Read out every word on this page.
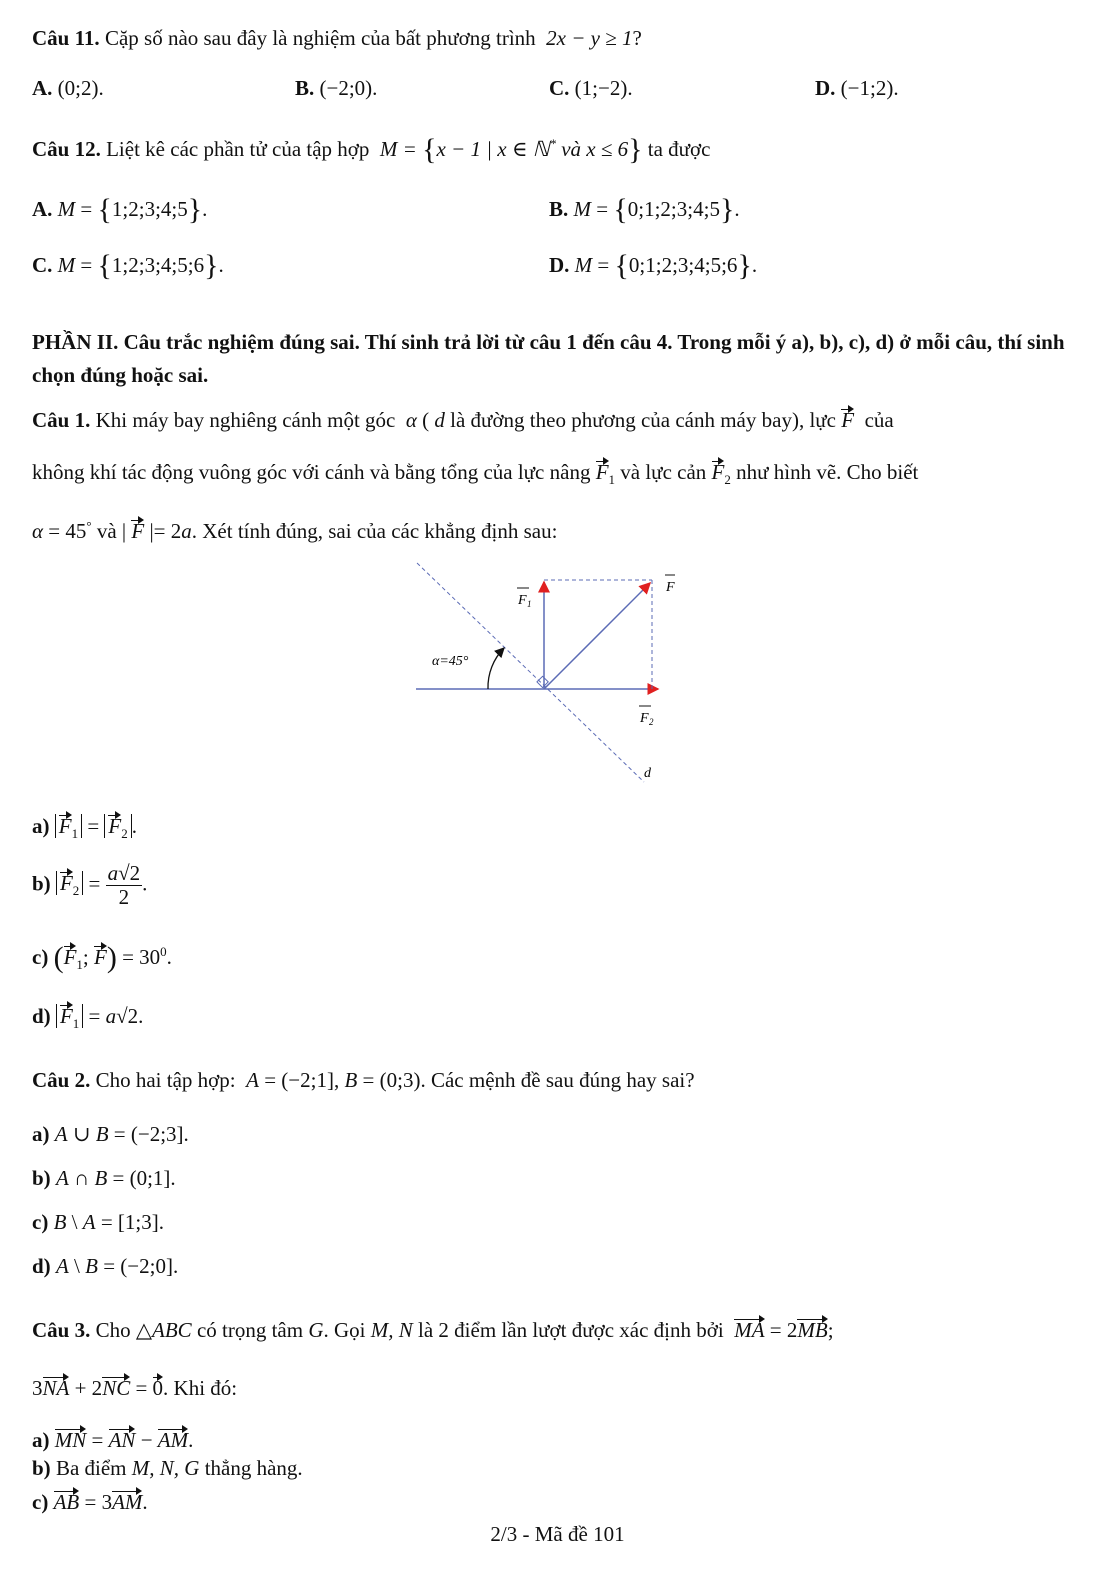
Câu 11. Cặp số nào sau đây là nghiệm của bất phương trình  2x − y ≥ 1?
A. (0;2).	B. (−2;0).	C. (1;−2).	D. (−1;2).
Câu 12. Liệt kê các phần tử của tập hợp  M = {x − 1 | x ∈ ℕ* và x ≤ 6} ta được
A. M = {1;2;3;4;5}.	B. M = {0;1;2;3;4;5}.
C. M = {1;2;3;4;5;6}.	D. M = {0;1;2;3;4;5;6}.
PHẦN II. Câu trắc nghiệm đúng sai. Thí sinh trả lời từ câu 1 đến câu 4. Trong mỗi ý a), b), c), d) ở mỗi câu, thí sinh chọn đúng hoặc sai.
Câu 1. Khi máy bay nghiêng cánh một góc  α ( d là đường theo phương của cánh máy bay), lực F của
không khí tác động vuông góc với cánh và bằng tổng của lực nâng $F_1$ và lực cản $F_2$ như hình vẽ. Cho biết
α = 45° và | F |= 2a. Xét tính đúng, sai của các khẳng định sau:
α=45°
d
F
F 1
F 2
a) $F_1 = F_2$ .
b) $F_2 = \frac{a√2}{2}$ .
c) ($F_1$; $F) = 30^0$.
d) $F_1 = a√2$.
Câu 2. Cho hai tập hợp:  A = (−2;1], B = (0;3). Các mệnh đề sau đúng hay sai?
a) A ∪ B = (−2;3].
b) A ∩ B = (0;1].
c) B \ A = [1;3].
d) A \ B = (−2;0].
Câu 3. Cho △ABC có trọng tâm G. Gọi M, N là 2 điểm lần lượt được xác định bởi MA = 2MB;
3NA + 2NC = 0. Khi đó:
a) MN = AN − AM.
b) Ba điểm M, N, G thẳng hàng.
c) AB = 3AM.
2/3 - Mã đề 101
